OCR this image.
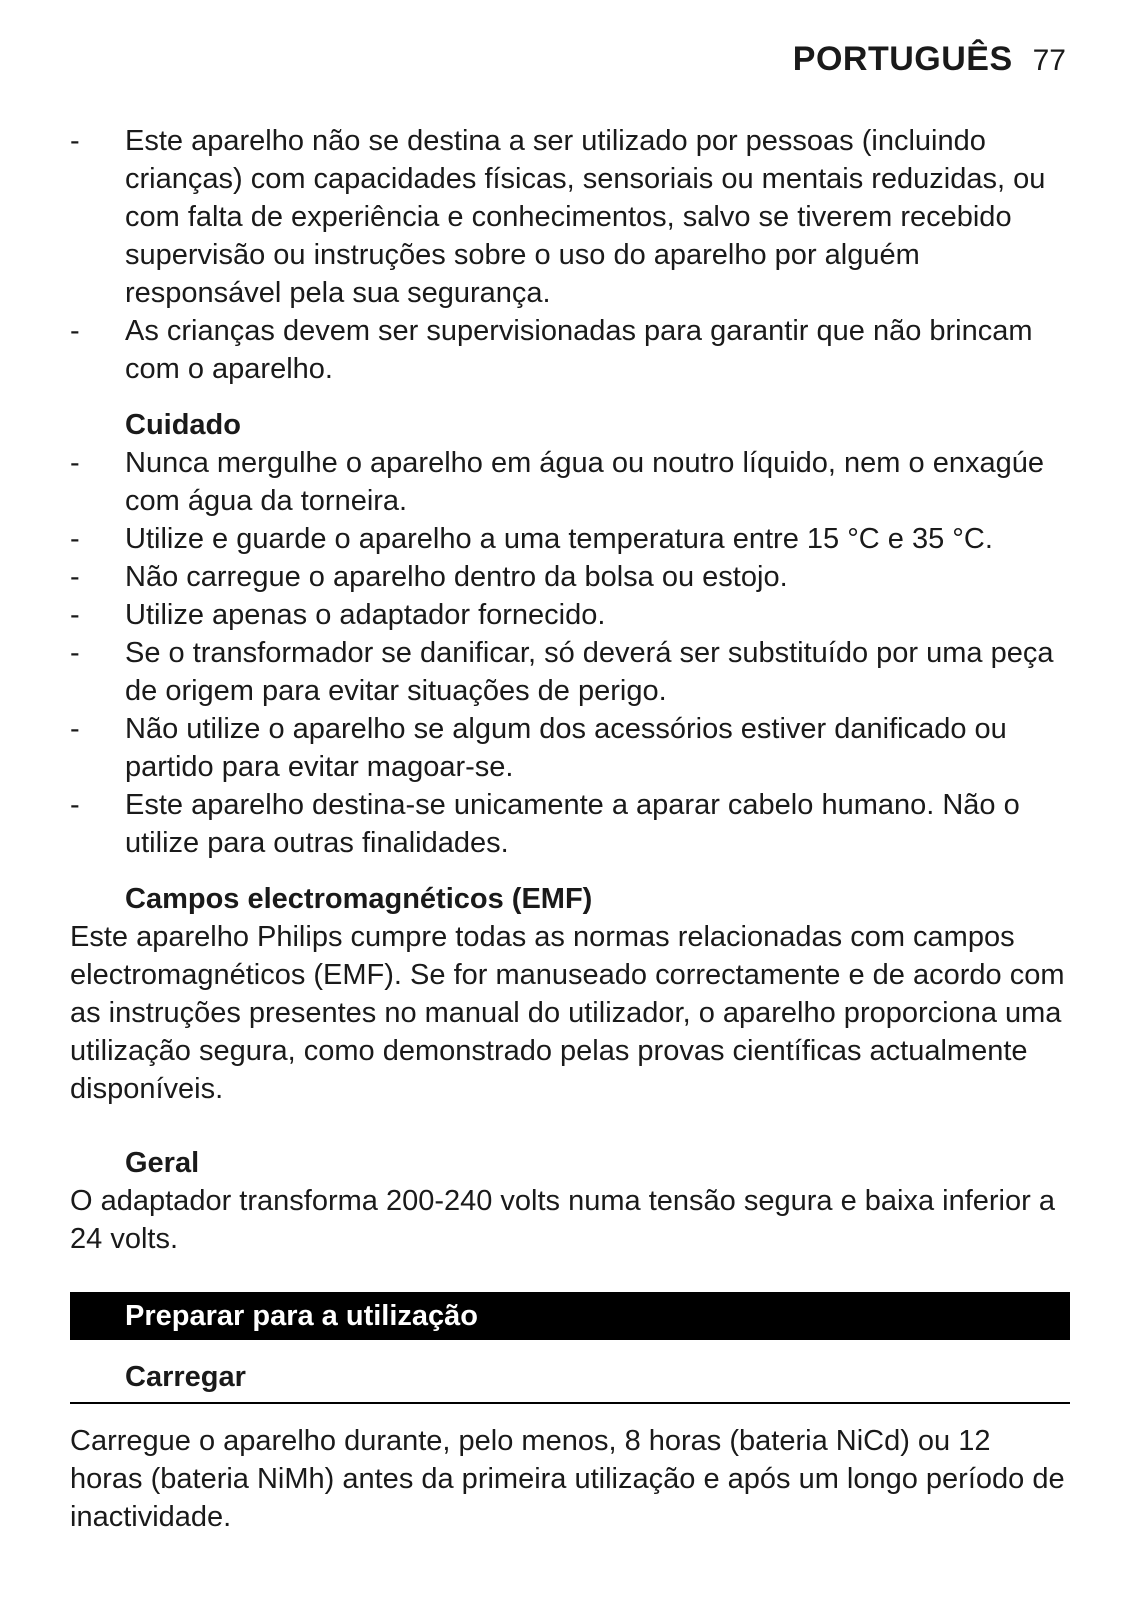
PORTUGUÊS 77
- Este aparelho não se destina a ser utilizado por pessoas (incluindo crianças) com capacidades físicas, sensoriais ou mentais reduzidas, ou com falta de experiência e conhecimentos, salvo se tiverem recebido supervisão ou instruções sobre o uso do aparelho por alguém responsável pela sua segurança.
- As crianças devem ser supervisionadas para garantir que não brincam com o aparelho.
Cuidado
- Nunca mergulhe o aparelho em água ou noutro líquido, nem o enxagúe com água da torneira.
- Utilize e guarde o aparelho a uma temperatura entre 15 °C e 35 °C.
- Não carregue o aparelho dentro da bolsa ou estojo.
- Utilize apenas o adaptador fornecido.
- Se o transformador se danificar, só deverá ser substituído por uma peça de origem para evitar situações de perigo.
- Não utilize o aparelho se algum dos acessórios estiver danificado ou partido para evitar magoar-se.
- Este aparelho destina-se unicamente a aparar cabelo humano. Não o utilize para outras finalidades.
Campos electromagnéticos (EMF)

Este aparelho Philips cumpre todas as normas relacionadas com campos electromagnéticos (EMF). Se for manuseado correctamente e de acordo com as instruções presentes no manual do utilizador, o aparelho proporciona uma utilização segura, como demonstrado pelas provas científicas actualmente disponíveis.

Geral

O adaptador transforma 200-240 volts numa tensão segura e baixa inferior a 24 volts.

Preparar para a utilização
Carregar

Carregue o aparelho durante, pelo menos, 8 horas (bateria NiCd) ou 12 horas (bateria NiMh) antes da primeira utilização e após um longo período de inactividade.
